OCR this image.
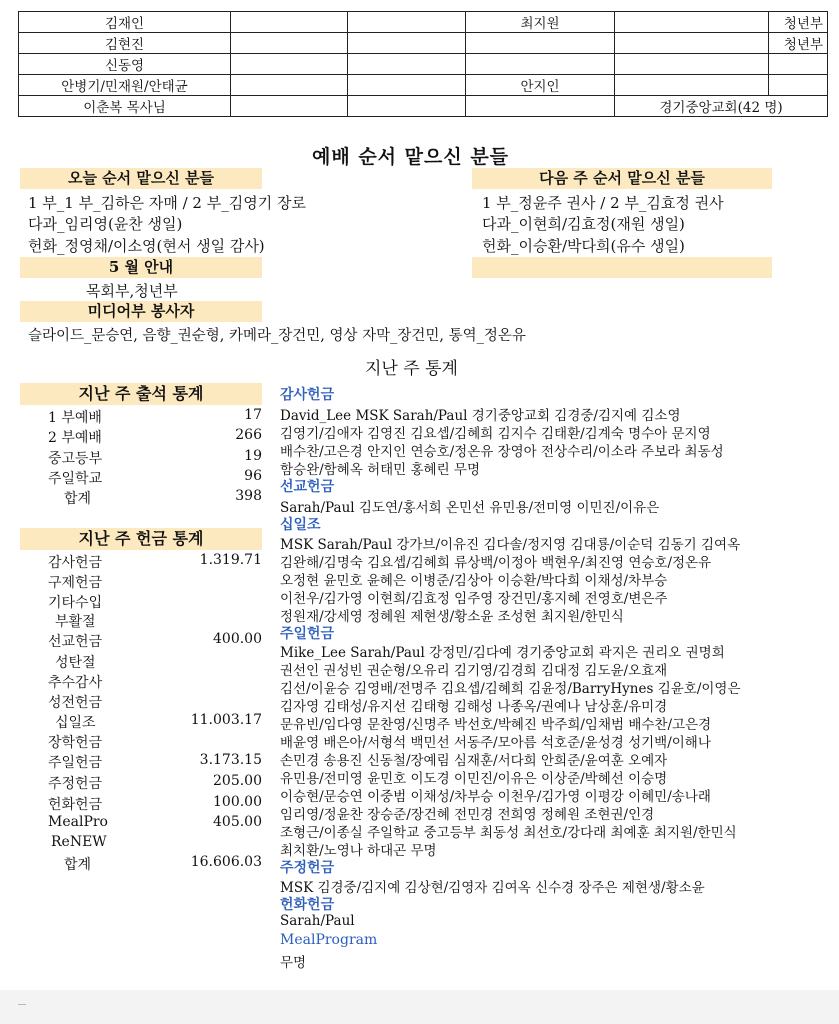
김재인			최지원		청년부
김현진					청년부
신동영					
안병기/민재원/안태균			안지인		
이춘복 목사님				경기중앙교회(42 명)	
예배 순서 맡으신 분들
오늘 순서 맡으신 분들
1 부_1 부_김하은 자매 / 2 부_김영기 장로
다과_임리영(윤찬 생일)
헌화_정영채/이소영(현서 생일 감사)
다음 주 순서 맡으신 분들
1 부_정윤주 권사 / 2 부_김효정 권사
다과_이현희/김효정(재원 생일)
헌화_이승환/박다희(유수 생일)
5 월 안내
목회부,청년부
미디어부 봉사자
슬라이드_문승연, 음향_권순형, 카메라_장건민, 영상 자막_장건민, 통역_정온유
지난 주 통계
지난 주 출석 통계
1 부예배	17
2 부예배	266
중고등부	19
주일학교	96
합계	398
지난 주 헌금 통계
감사헌금	1.319.71
구제헌금
기타수입
부활절
선교헌금	400.00
성탄절
추수감사
성전헌금
십일조	11.003.17
장학헌금
주일헌금	3.173.15
주정헌금	205.00
헌화헌금	100.00
MealPro	405.00
ReNEW
합계	16.606.03
감사헌금
David_Lee MSK Sarah/Paul 경기중앙교회 김경중/김지예 김소영
김영기/김애자 김영진 김요셉/김혜희 김지수 김태환/김계숙 명수아 문지영
배수찬/고은경 안지인 연승호/정온유 장영아 전상수리/이소라 주보라 최동성
함승완/함혜옥 허태민 홍혜린 무명
선교헌금
Sarah/Paul 김도연/홍서희 온민선 유민용/전미영 이민진/이유은
십일조
MSK Sarah/Paul 강가브/이유진 김다솔/정지영 김대룡/이순덕 김동기 김여옥
김완해/김명숙 김요셉/김혜희 류상백/이정아 백현우/최진영 연승호/정온유
오정현 윤민호 윤혜은 이병준/김상아 이승환/박다희 이채성/차부승
이천우/김가영 이현희/김효정 임주영 장건민/홍지혜 전영호/변은주
정원재/강세영 정혜원 제현생/황소윤 조성현 최지원/한민식
주일헌금
Mike_Lee Sarah/Paul 강정민/김다예 경기중앙교회 곽지은 권리오 권명희
권선인 권성빈 권순형/오유리 김기영/김경희 김대정 김도윤/오효재
김선/이윤승 김영배/전명주 김요셉/김혜희 김윤정/BarryHynes 김윤호/이영은
김자영 김태성/유지선 김태형 김해성 나종옥/권예나 남상훈/유미경
문유빈/임다영 문찬영/신명주 박선호/박혜진 박주희/임채범 배수찬/고은경
배윤영 배은아/서형석 백민선 서동주/모아름 석호준/윤성경 성기백/이해나
손민경 송용진 신동철/장예림 심재훈/서다희 안희준/윤여훈 오예자
유민용/전미영 윤민호 이도경 이민진/이유은 이상준/박혜선 이승명
이승현/문승연 이중범 이채성/차부승 이천우/김가영 이평강 이혜민/송나래
임리영/정윤찬 장승준/장건혜 전민경 전희영 정혜원 조현권/인경
조형근/이종실 주일학교 중고등부 최동성 최선호/강다래 최예훈 최지원/한민식
최치환/노영나 하대곤 무명
주정헌금
MSK 김경중/김지예 김상현/김영자 김여옥 신수경 장주은 제현생/황소윤
헌화헌금
Sarah/Paul
MealProgram
무명
